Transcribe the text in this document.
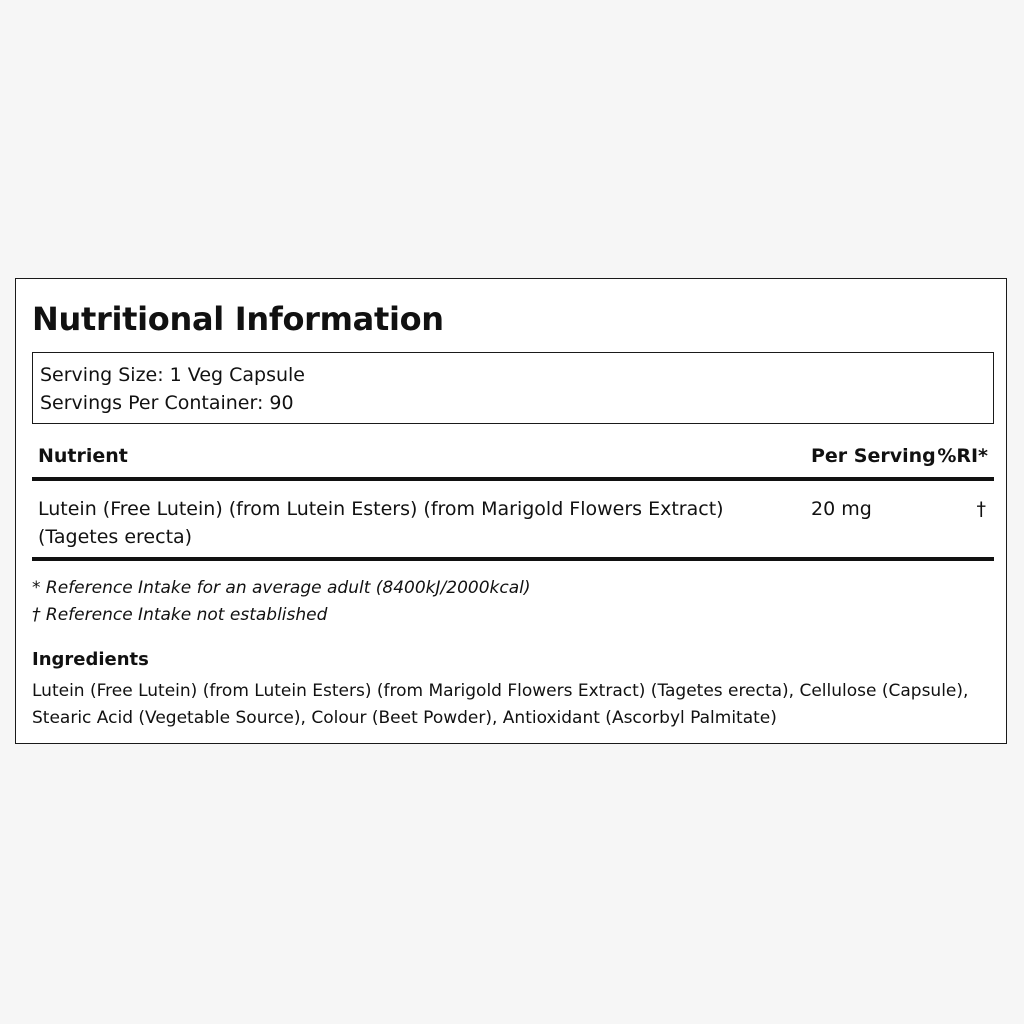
Nutritional Information
Serving Size: 1 Veg Capsule
Servings Per Container: 90
Nutrient	Per Serving %RI*
Lutein (Free Lutein) (from Lutein Esters) (from Marigold Flowers Extract) (Tagetes erecta)
20 mg	†
* Reference Intake for an average adult (8400kJ/2000kcal)
† Reference Intake not established
Ingredients
Lutein (Free Lutein) (from Lutein Esters) (from Marigold Flowers Extract) (Tagetes erecta), Cellulose (Capsule), Stearic Acid (Vegetable Source), Colour (Beet Powder), Antioxidant (Ascorbyl Palmitate)
